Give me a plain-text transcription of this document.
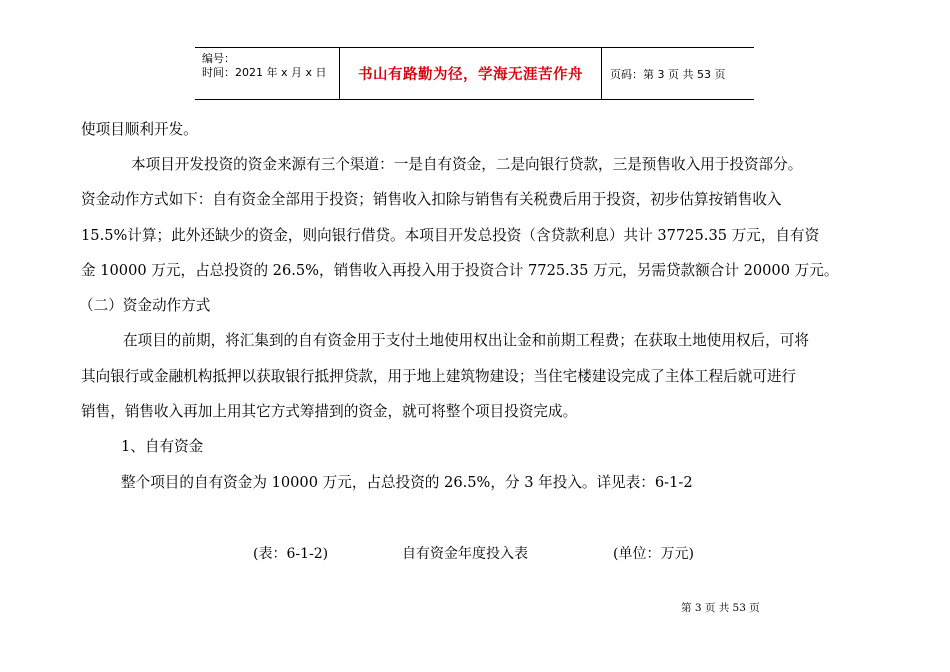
编号：
时间：2021 年 x 月 x 日	书山有路勤为径，学海无涯苦作舟 页码：第 3 页 共 53 页
使项目顺利开发。
本项目开发投资的资金来源有三个渠道：一是自有资金，二是向银行贷款，三是预售收入用于投资部分。
资金动作方式如下：自有资金全部用于投资；销售收入扣除与销售有关税费后用于投资，初步估算按销售收入
15.5%计算；此外还缺少的资金，则向银行借贷。本项目开发总投资（含贷款利息）共计 37725.35 万元，自有资
金 10000 万元，占总投资的 26.5%，销售收入再投入用于投资合计 7725.35 万元，另需贷款额合计 20000 万元。
（二）资金动作方式
在项目的前期，将汇集到的自有资金用于支付土地使用权出让金和前期工程费；在获取土地使用权后，可将
其向银行或金融机构抵押以获取银行抵押贷款，用于地上建筑物建设；当住宅楼建设完成了主体工程后就可进行
销售，销售收入再加上用其它方式筹措到的资金，就可将整个项目投资完成。
1、自有资金
整个项目的自有资金为 10000 万元，占总投资的 26.5%，分 3 年投入。详见表：6-1-2
(表：6-1-2)	自有资金年度投入表	(单位：万元)
第 3 页 共 53 页
